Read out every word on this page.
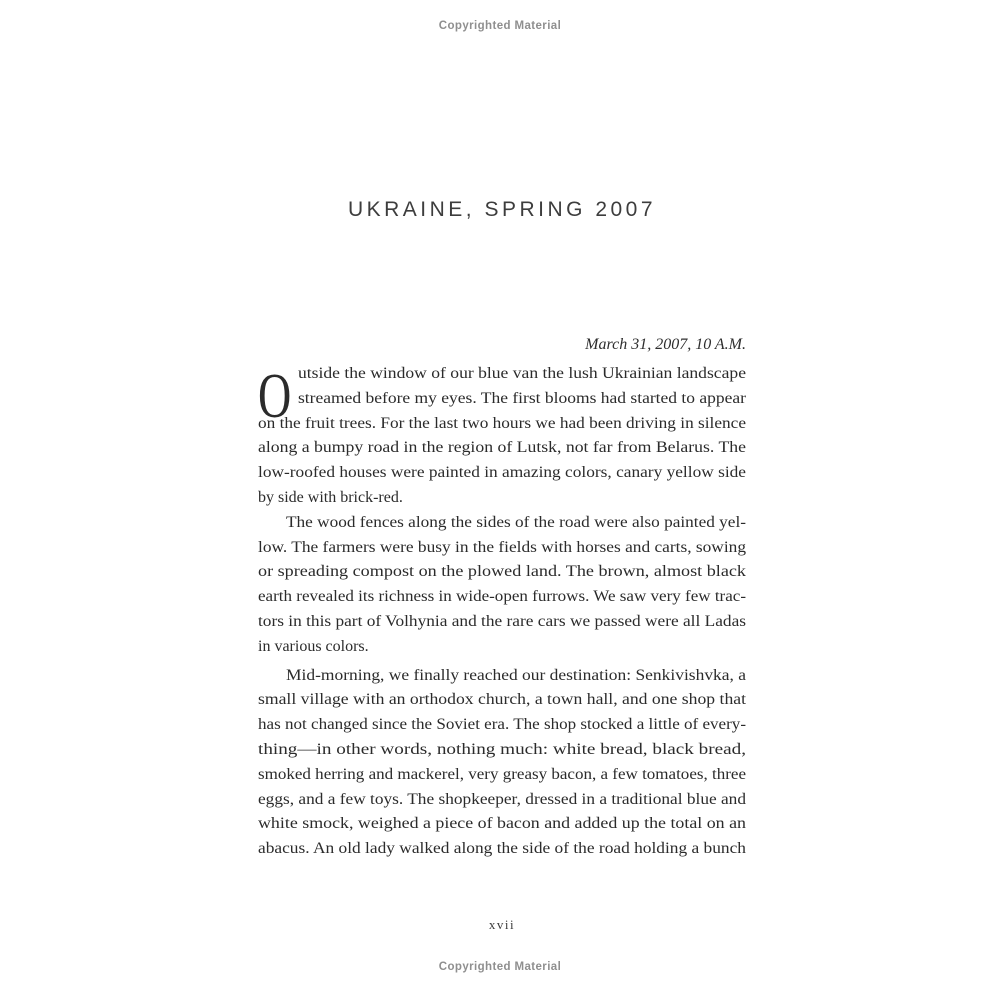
Copyrighted Material
UKRAINE, SPRING 2007
March 31, 2007, 10 A.M.
O utside the window of our blue van the lush Ukrainian landscape
streamed before my eyes. The first blooms had started to appear
on the fruit trees. For the last two hours we had been driving in silence
along a bumpy road in the region of Lutsk, not far from Belarus. The
low-roofed houses were painted in amazing colors, canary yellow side
by side with brick-red.
The wood fences along the sides of the road were also painted yel-
low. The farmers were busy in the fields with horses and carts, sowing
or spreading compost on the plowed land. The brown, almost black
earth revealed its richness in wide-open furrows. We saw very few trac-
tors in this part of Volhynia and the rare cars we passed were all Ladas
in various colors.
Mid-morning, we finally reached our destination: Senkivishvka, a
small village with an orthodox church, a town hall, and one shop that
has not changed since the Soviet era. The shop stocked a little of every-
thing—in other words, nothing much: white bread, black bread,
smoked herring and mackerel, very greasy bacon, a few tomatoes, three
eggs, and a few toys. The shopkeeper, dressed in a traditional blue and
white smock, weighed a piece of bacon and added up the total on an
abacus. An old lady walked along the side of the road holding a bunch
xvii
Copyrighted Material
